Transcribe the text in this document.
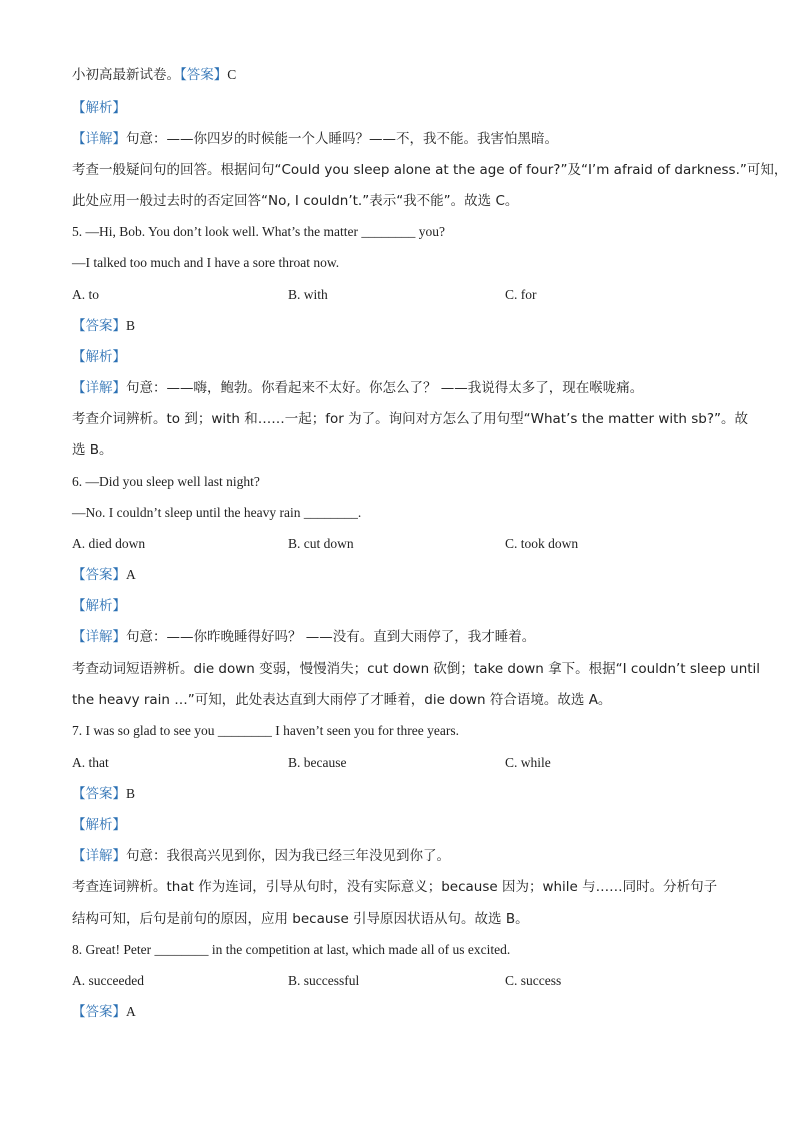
小初高最新试卷。【答案】C
【解析】
【详解】句意：——你四岁的时候能一个人睡吗？——不，我不能。我害怕黑暗。
考查一般疑问句的回答。根据问句“Could you sleep alone at the age of four?”及“I’m afraid of darkness.”可知，
此处应用一般过去时的否定回答“No, I couldn’t.”表示“我不能”。故选 C。
5. —Hi, Bob. You don’t look well. What’s the matter ________ you?
—I talked too much and I have a sore throat now.
A. to	B. with	C. for
【答案】B
【解析】
【详解】句意：——嗨，鲍勃。你看起来不太好。你怎么了？ ——我说得太多了，现在喉咙痛。
考查介词辨析。to 到；with 和……一起；for 为了。询问对方怎么了用句型“What’s the matter with sb?”。故
选 B。
6. —Did you sleep well last night?
—No. I couldn’t sleep until the heavy rain ________.
A. died down	B. cut down	C. took down
【答案】A
【解析】
【详解】句意：——你昨晚睡得好吗？ ——没有。直到大雨停了，我才睡着。
考查动词短语辨析。die down 变弱，慢慢消失；cut down 砍倒；take down 拿下。根据“I couldn’t sleep until
the heavy rain …”可知，此处表达直到大雨停了才睡着，die down 符合语境。故选 A。
7. I was so glad to see you ________ I haven’t seen you for three years.
A. that	B. because	C. while
【答案】B
【解析】
【详解】句意：我很高兴见到你，因为我已经三年没见到你了。
考查连词辨析。that 作为连词，引导从句时，没有实际意义；because 因为；while 与……同时。分析句子
结构可知，后句是前句的原因，应用 because 引导原因状语从句。故选 B。
8. Great! Peter ________ in the competition at last, which made all of us excited.
A. succeeded	B. successful	C. success
【答案】A
